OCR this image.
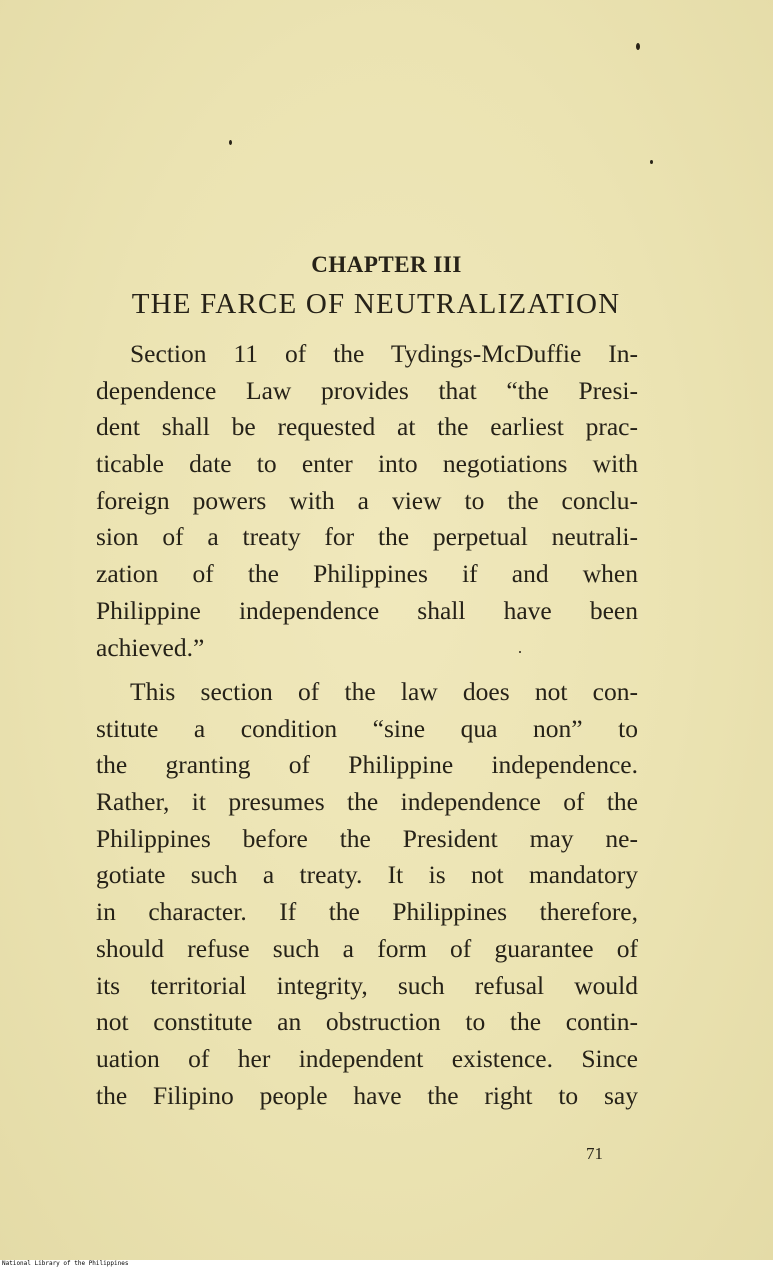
CHAPTER III
THE FARCE OF NEUTRALIZATION
Section 11 of the Tydings-McDuffie In-
dependence Law provides that “the Presi-
dent shall be requested at the earliest prac-
ticable date to enter into negotiations with
foreign powers with a view to the conclu-
sion of a treaty for the perpetual neutrali-
zation of the Philippines if and when
Philippine independence shall have been
achieved.”
This section of the law does not con-
stitute a condition “sine qua non” to
the granting of Philippine independence.
Rather, it presumes the independence of the
Philippines before the President may ne-
gotiate such a treaty. It is not mandatory
in character. If the Philippines therefore,
should refuse such a form of guarantee of
its territorial integrity, such refusal would
not constitute an obstruction to the contin-
uation of her independent existence. Since
the Filipino people have the right to say
71
National Library of the Philippines
